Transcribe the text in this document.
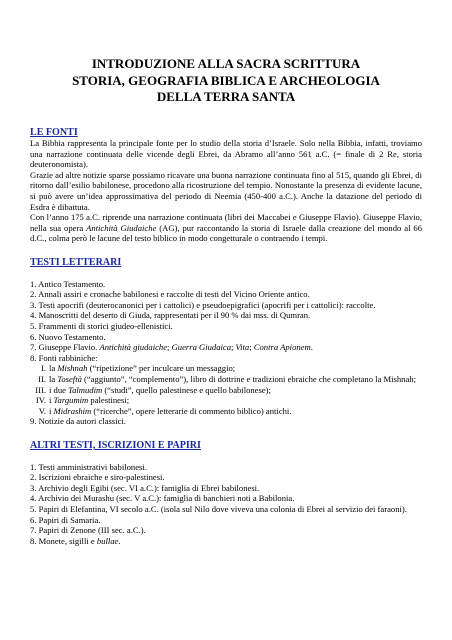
INTRODUZIONE ALLA SACRA SCRITTURA
STORIA, GEOGRAFIA BIBLICA E ARCHEOLOGIA
DELLA TERRA SANTA
LE FONTI

La Bibbia rappresenta la principale fonte per lo studio della storia d’Israele. Solo nella Bibbia, infatti, troviamo una narrazione continuata delle vicende degli Ebrei, da Abramo all’anno 561 a.C. (= finale di 2 Re, storia deuteronomista).

Grazie ad altre notizie sparse possiamo ricavare una buona narrazione continuata fino al 515, quando gli Ebrei, di ritorno dall’esilio babilonese, procedono alla ricostruzione del tempio. Nonostante la presenza di evidente lacune, si può avere un’idea approssimativa del periodo di Neemia (450-400 a.C.). Anche la datazione del periodo di Esdra è dibattuta.

Con l’anno 175 a.C. riprende una narrazione continuata (libri dei Maccabei e Giuseppe Flavio). Giuseppe Flavio, nella sua opera Antichità Giudaiche (AG), pur raccontando la storia di Israele dalla creazione del mondo al 66 d.C., colma però le lacune del testo biblico in modo congetturale o contraendo i tempi.

TESTI LETTERARI
1. Antico Testamento.
2. Annali assiri e cronache babilonesi e raccolte di testi del Vicino Oriente antico.
3. Testi apocrifi (deuterocanonici per i cattolici) e pseudoepigrafici (apocrifi per i cattolici): raccolte.
4. Manoscritti del deserto di Giuda, rappresentati per il 90 % dai mss. di Qumran.
5. Frammenti di storici giudeo-ellenistici.
6. Nuovo Testamento.
7. Giuseppe Flavio. Antichità giudaiche; Guerra Giudaica; Vita; Contra Apionem.
8. Fonti rabbiniche:
I. la Mishnah (“ripetizione” per inculcare un messaggio;
II. la Toseftà (“aggiunto”, “complemento”), libro di dottrine e tradizioni ebraiche che completano la Mishnah;
III. i due Talmudim (“studi”, quello palestinese e quello babilonese);
IV. i Targumim palestinesi;
V. i Midrashim (“ricerche”, opere letterarie di commento biblico) antichi.
9. Notizie da autori classici.
ALTRI TESTI, ISCRIZIONI E PAPIRI
1. Testi amministrativi babilonesi.
2. Iscrizioni ebraiche e siro-palestinesi.
3. Archivio degli Egibi (sec. VI a.C.): famiglia di Ebrei babilonesi.
4. Archivio dei Murashu (sec. V a.C.): famiglia di banchieri noti a Babilonia.
5. Papiri di Elefantina, VI secolo a.C. (isola sul Nilo dove viveva una colonia di Ebrei al servizio dei faraoni).
6. Papiri di Samaria.
7. Papiri di Zenone (III sec. a.C.).
8. Monete, sigilli e bullae.
